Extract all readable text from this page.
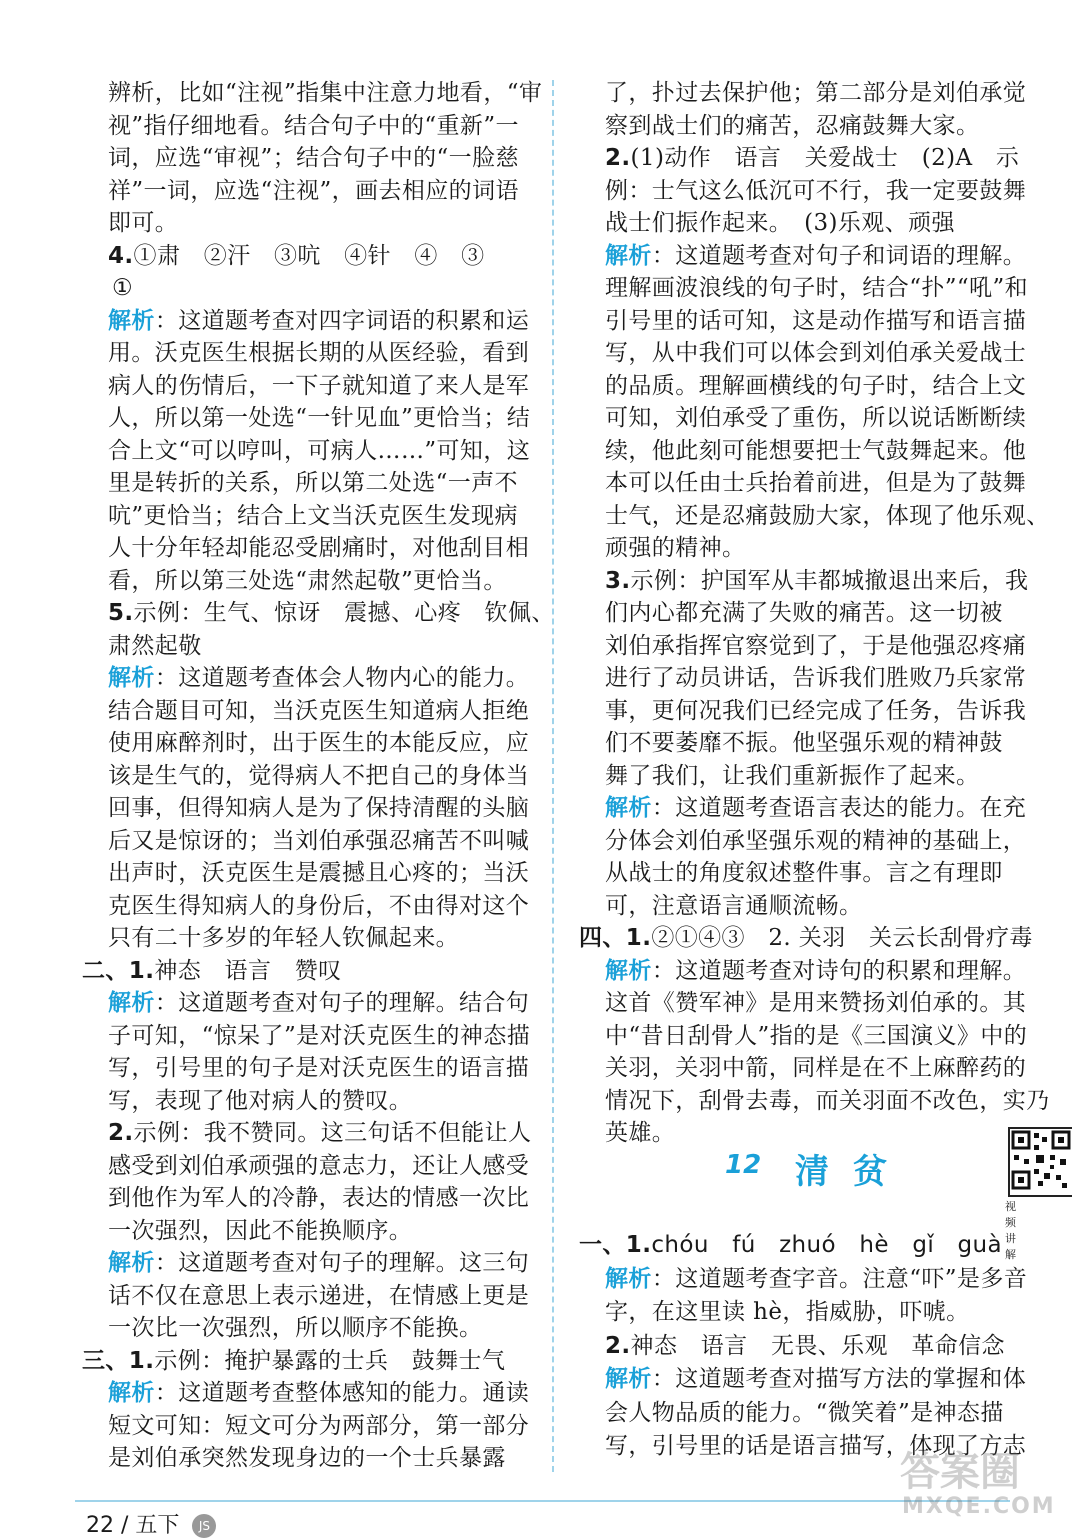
辨析，比如“注视”指集中注意力地看，“审
视”指仔细地看。结合句子中的“重新”一
词，应选“审视”；结合句子中的“一脸慈
祥”一词，应选“注视”，画去相应的词语
即可。
4.①肃　②汗　③吭　④针　④　③
①
解析：这道题考查对四字词语的积累和运
用。沃克医生根据长期的从医经验，看到
病人的伤情后，一下子就知道了来人是军
人，所以第一处选“一针见血”更恰当；结
合上文“可以哼叫，可病人……”可知，这
里是转折的关系，所以第二处选“一声不
吭”更恰当；结合上文当沃克医生发现病
人十分年轻却能忍受剧痛时，对他刮目相
看，所以第三处选“肃然起敬”更恰当。
5.示例：生气、惊讶　震撼、心疼　钦佩、
肃然起敬
解析：这道题考查体会人物内心的能力。
结合题目可知，当沃克医生知道病人拒绝
使用麻醉剂时，出于医生的本能反应，应
该是生气的，觉得病人不把自己的身体当
回事，但得知病人是为了保持清醒的头脑
后又是惊讶的；当刘伯承强忍痛苦不叫喊
出声时，沃克医生是震撼且心疼的；当沃
克医生得知病人的身份后，不由得对这个
只有二十多岁的年轻人钦佩起来。
二、1.神态　语言　赞叹
解析：这道题考查对句子的理解。结合句
子可知，“惊呆了”是对沃克医生的神态描
写，引号里的句子是对沃克医生的语言描
写，表现了他对病人的赞叹。
2.示例：我不赞同。这三句话不但能让人
感受到刘伯承顽强的意志力，还让人感受
到他作为军人的冷静，表达的情感一次比
一次强烈，因此不能换顺序。
解析：这道题考查对句子的理解。这三句
话不仅在意思上表示递进，在情感上更是
一次比一次强烈，所以顺序不能换。
三、1.示例：掩护暴露的士兵　鼓舞士气
解析：这道题考查整体感知的能力。通读
短文可知：短文可分为两部分，第一部分
是刘伯承突然发现身边的一个士兵暴露
12 清贫
视频讲解
了，扑过去保护他；第二部分是刘伯承觉
察到战士们的痛苦，忍痛鼓舞大家。
2.(1)动作　语言　关爱战士　(2)A　示
例：士气这么低沉可不行，我一定要鼓舞
战士们振作起来。　(3)乐观、顽强
解析：这道题考查对句子和词语的理解。
理解画波浪线的句子时，结合“扑”“吼”和
引号里的话可知，这是动作描写和语言描
写，从中我们可以体会到刘伯承关爱战士
的品质。理解画横线的句子时，结合上文
可知，刘伯承受了重伤，所以说话断断续
续，他此刻可能想要把士气鼓舞起来。他
本可以任由士兵抬着前进，但是为了鼓舞
士气，还是忍痛鼓励大家，体现了他乐观、
顽强的精神。
3.示例：护国军从丰都城撤退出来后，我
们内心都充满了失败的痛苦。这一切被
刘伯承指挥官察觉到了，于是他强忍疼痛
进行了动员讲话，告诉我们胜败乃兵家常
事，更何况我们已经完成了任务，告诉我
们不要萎靡不振。他坚强乐观的精神鼓
舞了我们，让我们重新振作了起来。
解析：这道题考查语言表达的能力。在充
分体会刘伯承坚强乐观的精神的基础上，
从战士的角度叙述整件事。言之有理即
可，注意语言通顺流畅。
四、1.②①④③　2. 关羽　关云长刮骨疗毒
解析：这道题考查对诗句的积累和理解。
这首《赞军神》是用来赞扬刘伯承的。其
中“昔日刮骨人”指的是《三国演义》中的
关羽，关羽中箭，同样是在不上麻醉药的
情况下，刮骨去毒，而关羽面不改色，实乃
英雄。
一、1.chóu　fú　zhuó　hè　gǐ　guà
解析：这道题考查字音。注意“吓”是多音
字，在这里读 hè，指威胁，吓唬。
2.神态　语言　无畏、乐观　革命信念
解析：这道题考查对描写方法的掌握和体
会人物品质的能力。“微笑着”是神态描
写，引号里的话是语言描写，体现了方志
22 / 五下 JS
答案圈
MXQE.COM
